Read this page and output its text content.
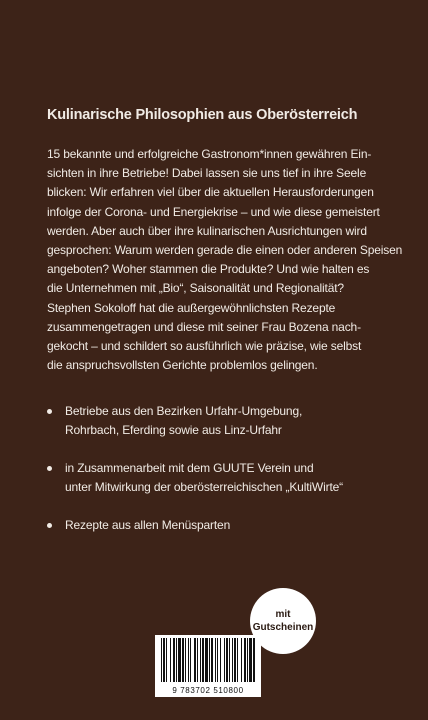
Kulinarische Philosophien aus Oberösterreich
15 bekannte und erfolgreiche Gastronom*innen gewähren Ein-
sichten in ihre Betriebe! Dabei lassen sie uns tief in ihre Seele
blicken: Wir erfahren viel über die aktuellen Herausforderungen
infolge der Corona- und Energiekrise – und wie diese gemeistert
werden. Aber auch über ihre kulinarischen Ausrichtungen wird
gesprochen: Warum werden gerade die einen oder anderen Speisen
angeboten? Woher stammen die Produkte? Und wie halten es
die Unternehmen mit „Bio“, Saisonalität und Regionalität?
Stephen Sokoloff hat die außergewöhnlichsten Rezepte
zusammengetragen und diese mit seiner Frau Bozena nach-
gekocht – und schildert so ausführlich wie präzise, wie selbst
die anspruchsvollsten Gerichte problemlos gelingen.
Betriebe aus den Bezirken Urfahr-Umgebung,
Rohrbach, Eferding sowie aus Linz-Urfahr
in Zusammenarbeit mit dem GUUTE Verein und
unter Mitwirkung der oberösterreichischen „KultiWirte“
Rezepte aus allen Menüsparten
mit
Gutscheinen
9 783702 510800
